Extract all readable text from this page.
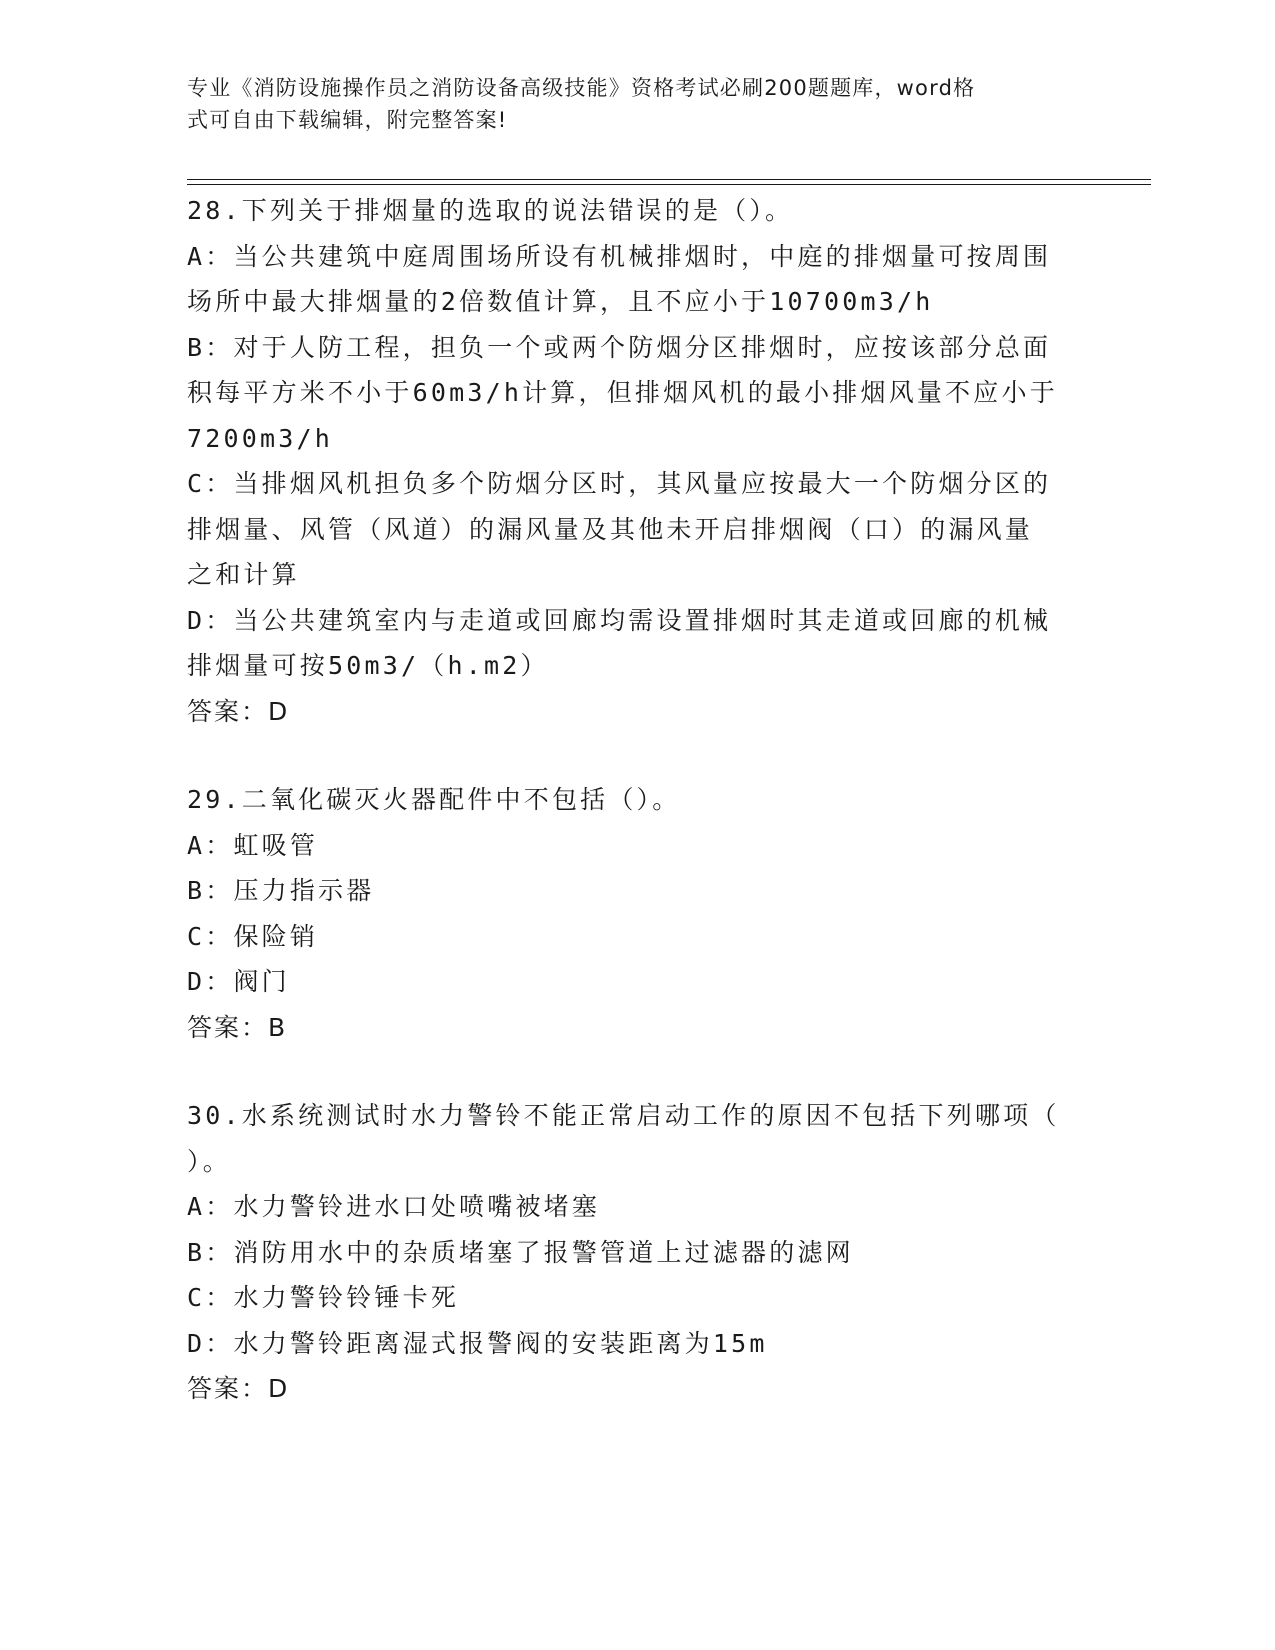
专业《消防设施操作员之消防设备高级技能》资格考试必刷200题题库，word格
式可自由下载编辑，附完整答案!
28.下列关于排烟量的选取的说法错误的是（）。
A：当公共建筑中庭周围场所设有机械排烟时，中庭的排烟量可按周围
场所中最大排烟量的2倍数值计算，且不应小于10700m3/h
B：对于人防工程，担负一个或两个防烟分区排烟时，应按该部分总面
积每平方米不小于60m3/h计算，但排烟风机的最小排烟风量不应小于
7200m3/h
C：当排烟风机担负多个防烟分区时，其风量应按最大一个防烟分区的
排烟量、风管（风道）的漏风量及其他未开启排烟阀（口）的漏风量
之和计算
D：当公共建筑室内与走道或回廊均需设置排烟时其走道或回廊的机械
排烟量可按50m3/（h.m2）
答案：D
29.二氧化碳灭火器配件中不包括（）。
A：虹吸管
B：压力指示器
C：保险销
D：阀门
答案：B
30.水系统测试时水力警铃不能正常启动工作的原因不包括下列哪项（
）。
A：水力警铃进水口处喷嘴被堵塞
B：消防用水中的杂质堵塞了报警管道上过滤器的滤网
C：水力警铃铃锤卡死
D：水力警铃距离湿式报警阀的安装距离为15m
答案：D
